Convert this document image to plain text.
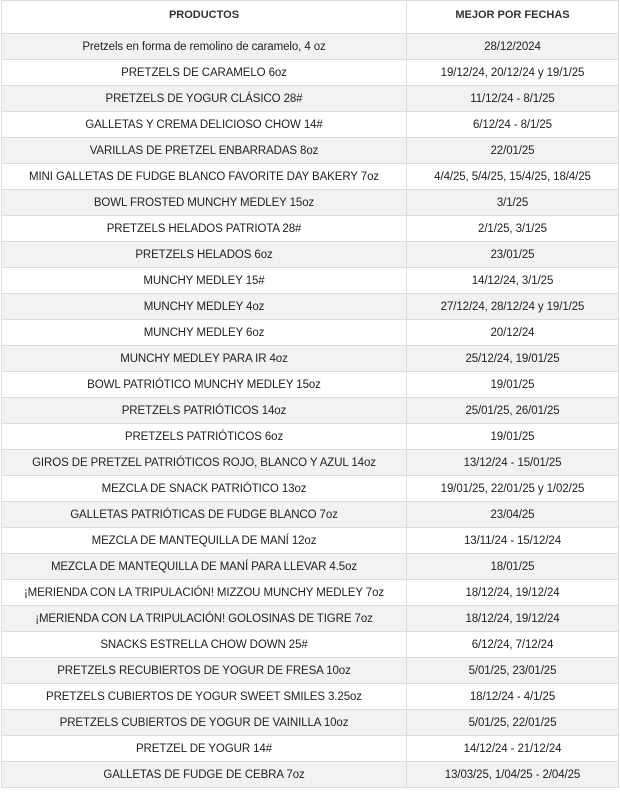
PRODUCTOS	MEJOR POR FECHAS
Pretzels en forma de remolino de caramelo, 4 oz	28/12/2024
PRETZELS DE CARAMELO 6oz	19/12/24, 20/12/24 y 19/1/25
PRETZELS DE YOGUR CLÁSICO 28#	11/12/24 - 8/1/25
GALLETAS Y CREMA DELICIOSO CHOW 14#	6/12/24 - 8/1/25
VARILLAS DE PRETZEL ENBARRADAS 8oz	22/01/25
MINI GALLETAS DE FUDGE BLANCO FAVORITE DAY BAKERY 7oz	4/4/25, 5/4/25, 15/4/25, 18/4/25
BOWL FROSTED MUNCHY MEDLEY 15oz	3/1/25
PRETZELS HELADOS PATRIOTA 28#	2/1/25, 3/1/25
PRETZELS HELADOS 6oz	23/01/25
MUNCHY MEDLEY 15#	14/12/24, 3/1/25
MUNCHY MEDLEY 4oz	27/12/24, 28/12/24 y 19/1/25
MUNCHY MEDLEY 6oz	20/12/24
MUNCHY MEDLEY PARA IR 4oz	25/12/24, 19/01/25
BOWL PATRIÓTICO MUNCHY MEDLEY 15oz	19/01/25
PRETZELS PATRIÓTICOS 14oz	25/01/25, 26/01/25
PRETZELS PATRIÓTICOS 6oz	19/01/25
GIROS DE PRETZEL PATRIÓTICOS ROJO, BLANCO Y AZUL 14oz	13/12/24 - 15/01/25
MEZCLA DE SNACK PATRIÓTICO 13oz	19/01/25, 22/01/25 y 1/02/25
GALLETAS PATRIÓTICAS DE FUDGE BLANCO 7oz	23/04/25
MEZCLA DE MANTEQUILLA DE MANÍ 12oz	13/11/24 - 15/12/24
MEZCLA DE MANTEQUILLA DE MANÍ PARA LLEVAR 4.5oz	18/01/25
¡MERIENDA CON LA TRIPULACIÓN! MIZZOU MUNCHY MEDLEY 7oz	18/12/24, 19/12/24
¡MERIENDA CON LA TRIPULACIÓN! GOLOSINAS DE TIGRE 7oz	18/12/24, 19/12/24
SNACKS ESTRELLA CHOW DOWN 25#	6/12/24, 7/12/24
PRETZELS RECUBIERTOS DE YOGUR DE FRESA 10oz	5/01/25, 23/01/25
PRETZELS CUBIERTOS DE YOGUR SWEET SMILES 3.25oz	18/12/24 - 4/1/25
PRETZELS CUBIERTOS DE YOGUR DE VAINILLA 10oz	5/01/25, 22/01/25
PRETZEL DE YOGUR 14#	14/12/24 - 21/12/24
GALLETAS DE FUDGE DE CEBRA 7oz	13/03/25, 1/04/25 - 2/04/25
